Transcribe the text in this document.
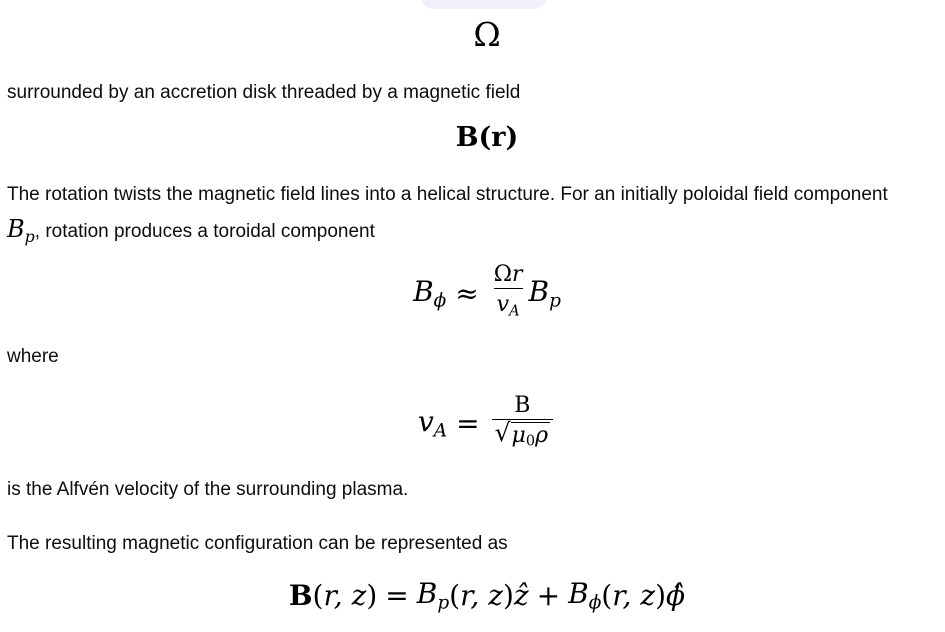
Ω

surrounded by an accretion disk threaded by a magnetic field

B(r)
The rotation twists the magnetic field lines into a helical structure. For an initially poloidal field component
Bp, rotation produces a toroidal component
$B\phi \approx \frac{\Omega r}{vA}$ Bp

where

vA = $\frac{B}{√ \mu 0\rho}$

is the Alfvén velocity of the surrounding plasma.

The resulting magnetic configuration can be represented as

B ( r, z ) = Bp ( r, z ) ẑ + Bϕ ( r, z ) ϕ̂
